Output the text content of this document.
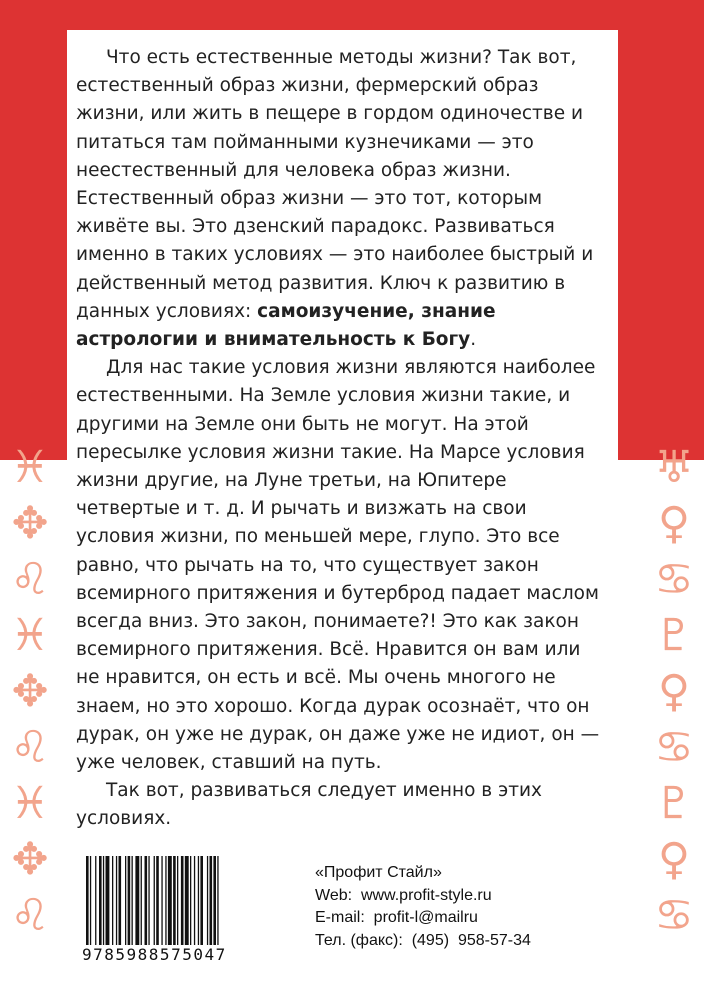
♓
✥
♌
♓
✥
♌
♓
✥
♌
♅
♀
♋
♇
♀
♋
♇
♀
♋

Что есть естественные методы жизни? Так вот, естественный образ жизни, фермерский образ жизни, или жить в пещере в гордом одиночестве и питаться там пойманными кузнечиками — это неестественный для человека образ жизни. Естественный образ жизни — это тот, которым живёте вы. Это дзенский парадокс. Развиваться именно в таких условиях — это наиболее быстрый и действенный метод развития. Ключ к развитию в данных условиях: самоизучение, знание астрологии и внимательность к Богу.

Для нас такие условия жизни являются наиболее естественными. На Земле условия жизни такие, и другими на Земле они быть не могут. На этой пересылке условия жизни такие. На Марсе условия жизни другие, на Луне третьи, на Юпитере четвертые и т. д. И рычать и визжать на свои условия жизни, по меньшей мере, глупо. Это все равно, что рычать на то, что существует закон всемирного притяжения и бутерброд падает маслом всегда вниз. Это закон, понимаете?! Это как закон всемирного притяжения. Всё. Нравится он вам или не нравится, он есть и всё. Мы очень многого не знаем, но это хорошо. Когда дурак осознаёт, что он дурак, он уже не дурак, он даже уже не идиот, он — уже человек, ставший на путь.

Так вот, развиваться следует именно в этих условиях.

9785988575047
«Профит Стайл»
Web:  www.profit-style.ru
E-mail:  profit-l@mailru
Тел. (факс):  (495)  958-57-34
